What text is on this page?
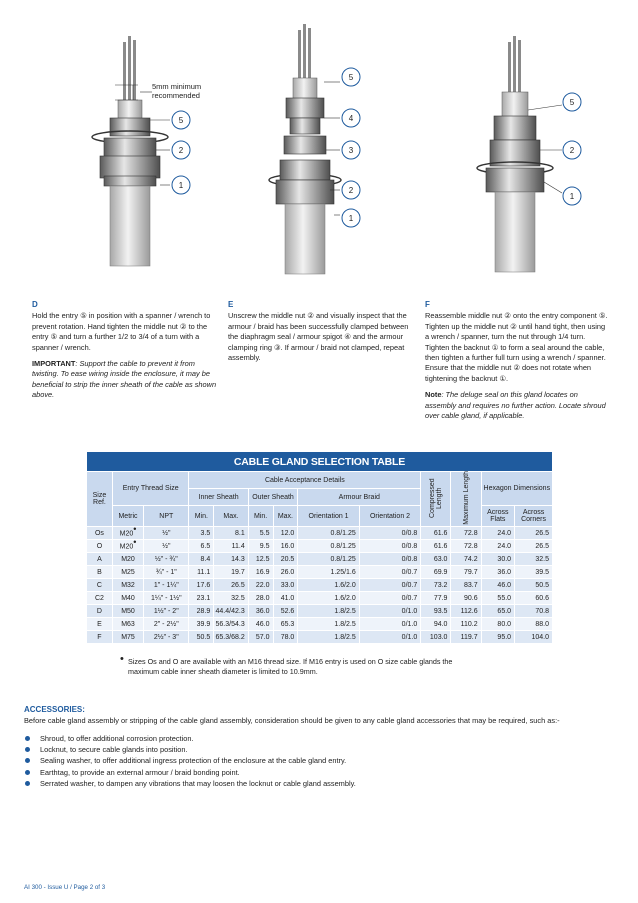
5mm minimum
recommended
5
2
1
5
4
3
2
1
5
2
1
D

Hold the entry ⑤ in position with a spanner / wrench to prevent rotation. Hand tighten the middle nut ② to the entry ⑤ and turn a further 1/2 to 3/4 of a turn with a spanner / wrench.

IMPORTANT: Support the cable to prevent it from twisting. To ease wiring inside the enclosure, it may be beneficial to strip the inner sheath of the cable as shown above.

E

Unscrew the middle nut ② and visually inspect that the armour / braid has been successfully clamped between the diaphragm seal / armour spigot ④ and the armour clamping ring ③. If armour / braid not clamped, repeat assembly.

F

Reassemble middle nut ② onto the entry component ⑤. Tighten up the middle nut ② until hand tight, then using a wrench / spanner, turn the nut through 1/4 turn. Tighten the backnut ① to form a seal around the cable, then tighten a further full turn using a wrench / spanner. Ensure that the middle nut ② does not rotate when tightening the backnut ①.

Note: The deluge seal on this gland locates on assembly and requires no further action. Locate shroud over cable gland, if applicable.

CABLE GLAND SELECTION TABLE												
Size Ref.	Entry Thread Size		Cable Acceptance Details						Compressed Length	Maximum Length	Hexagon Dimensions	
			Inner Sheath		Outer Sheath		Armour Braid					
	Metric	NPT	Min.	Max.	Min.	Max.	Orientation 1	Orientation 2			Across Flats	Across Corners
Os	M20•	½"	3.5	8.1	5.5	12.0	0.8/1.25	0/0.8	61.6	72.8	24.0	26.5
O	M20•	½"	6.5	11.4	9.5	16.0	0.8/1.25	0/0.8	61.6	72.8	24.0	26.5
A	M20	½" - ¾"	8.4	14.3	12.5	20.5	0.8/1.25	0/0.8	63.0	74.2	30.0	32.5
B	M25	¾" - 1"	11.1	19.7	16.9	26.0	1.25/1.6	0/0.7	69.9	79.7	36.0	39.5
C	M32	1" - 1¼"	17.6	26.5	22.0	33.0	1.6/2.0	0/0.7	73.2	83.7	46.0	50.5
C2	M40	1¼" - 1½"	23.1	32.5	28.0	41.0	1.6/2.0	0/0.7	77.9	90.6	55.0	60.6
D	M50	1½" - 2"	28.9	44.4/42.3	36.0	52.6	1.8/2.5	0/1.0	93.5	112.6	65.0	70.8
E	M63	2" - 2½"	39.9	56.3/54.3	46.0	65.3	1.8/2.5	0/1.0	94.0	110.2	80.0	88.0
F	M75	2½" - 3"	50.5	65.3/68.2	57.0	78.0	1.8/2.5	0/1.0	103.0	119.7	95.0	104.0
• Sizes Os and O are available with an M16 thread size. If M16 entry is used on O size cable glands the maximum cable inner sheath diameter is limited to 10.9mm.
ACCESSORIES:
Before cable gland assembly or stripping of the cable gland assembly, consideration should be given to any cable gland accessories that may be required, such as:-
Shroud, to offer additional corrosion protection.
Locknut, to secure cable glands into position.
Sealing washer, to offer additional ingress protection of the enclosure at the cable gland entry.
Earthtag, to provide an external armour / braid bonding point.
Serrated washer, to dampen any vibrations that may loosen the locknut or cable gland assembly.
AI 300 - Issue U / Page 2 of 3
